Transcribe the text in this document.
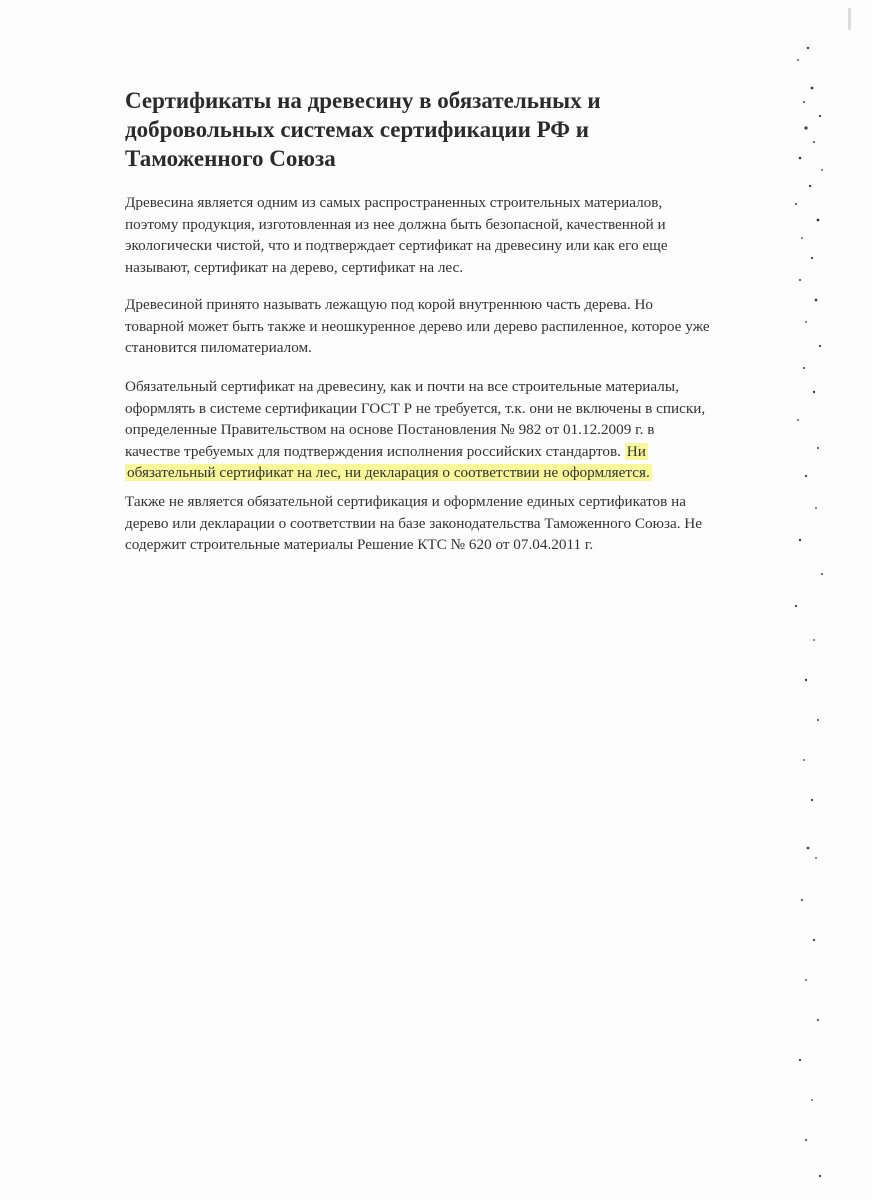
Сертификаты на древесину в обязательных и добровольных системах сертификации РФ и Таможенного Союза
Древесина является одним из самых распространенных строительных материалов,
поэтому продукция, изготовленная из нее должна быть безопасной, качественной и
экологически чистой, что и подтверждает сертификат на древесину или как его еще
называют, сертификат на дерево, сертификат на лес.
Древесиной принято называть лежащую под корой внутреннюю часть дерева. Но
товарной может быть также и неошкуренное дерево или дерево распиленное, которое уже
становится пиломатериалом.
Обязательный сертификат на древесину, как и почти на все строительные материалы,
оформлять в системе сертификации ГОСТ Р не требуется, т.к. они не включены в списки,
определенные Правительством на основе Постановления № 982 от 01.12.2009 г. в
качестве требуемых для подтверждения исполнения российских стандартов. Ни
обязательный сертификат на лес, ни декларация о соответствии не оформляется.
Также не является обязательной сертификация и оформление единых сертификатов на
дерево или декларации о соответствии на базе законодательства Таможенного Союза. Не
содержит строительные материалы Решение КТС № 620 от 07.04.2011 г.
